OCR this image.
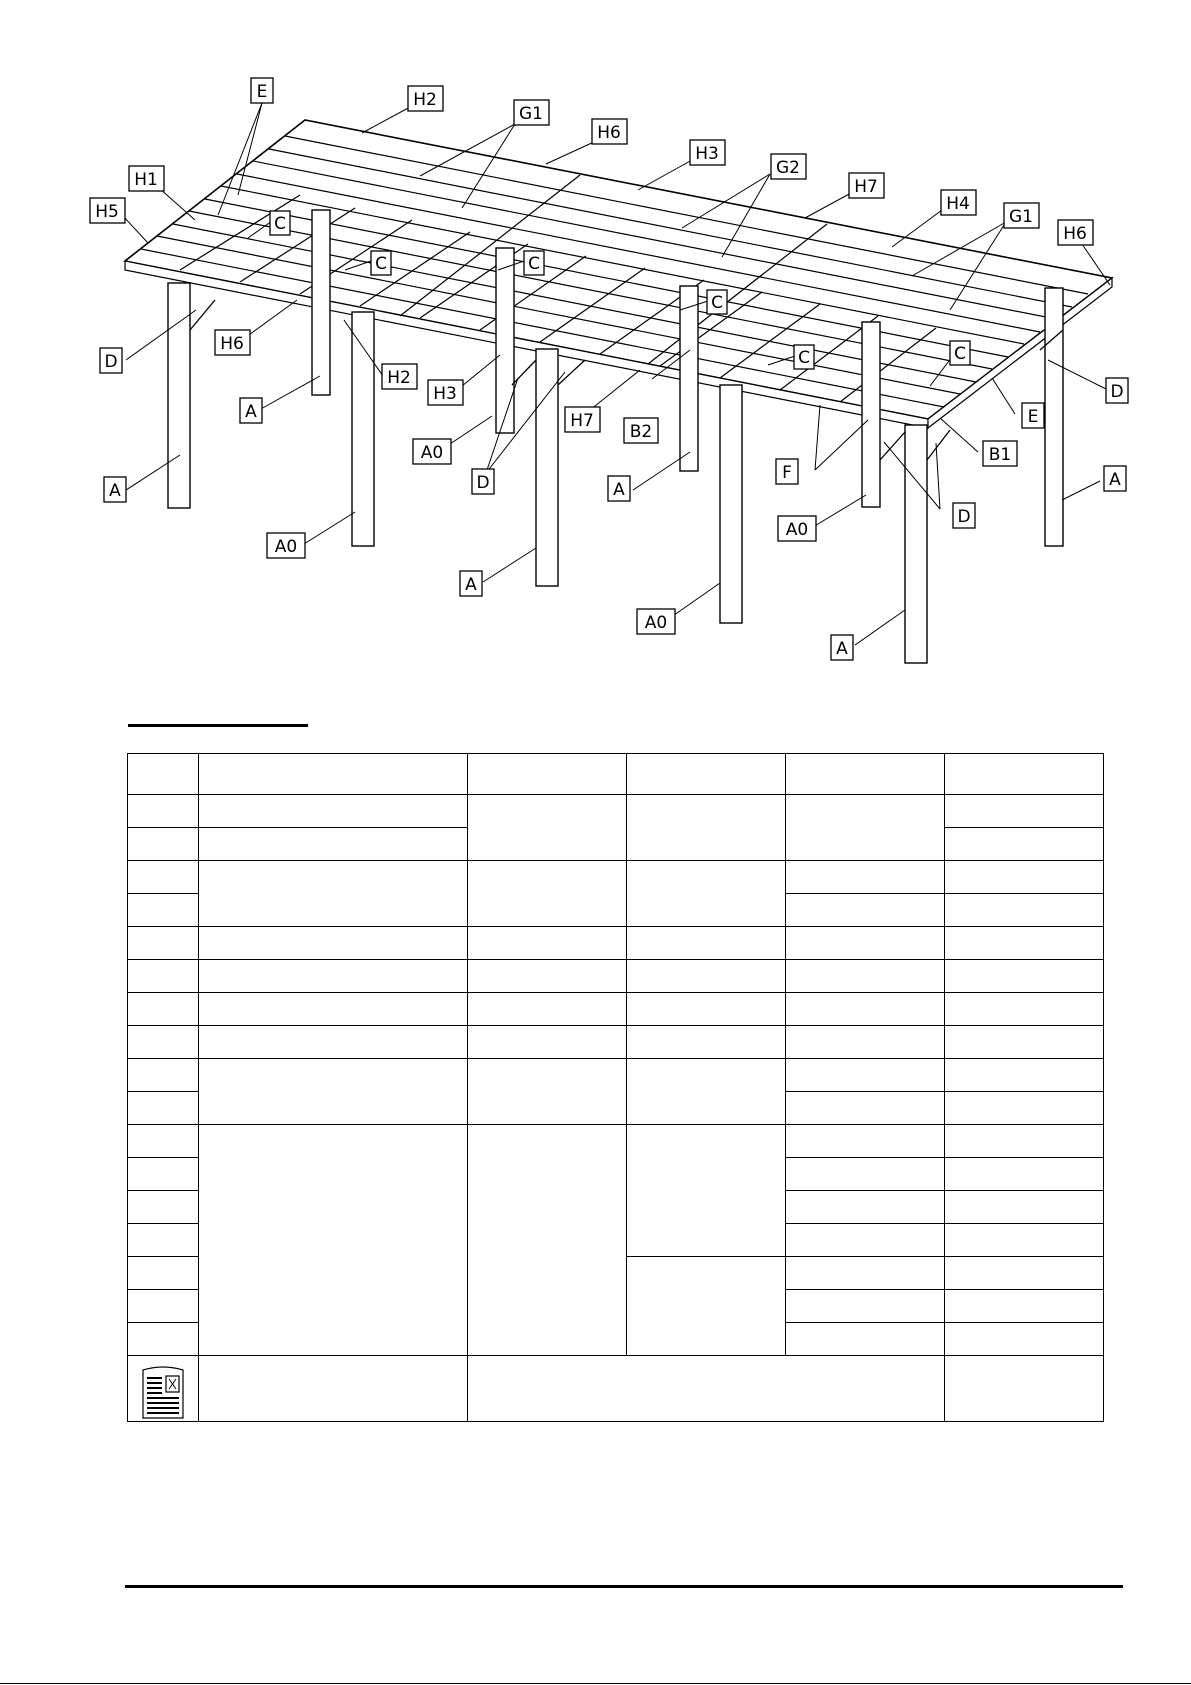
E	H2
G1
H6
H3
G2
H7
H4
G1
H6
H1
H5
C
C	C
C
C	C
D
D
H6
H2
H3
H7
B2
A0
D
A
A
A0
A
A
A0
F
A0
A
D
E
B1
A
